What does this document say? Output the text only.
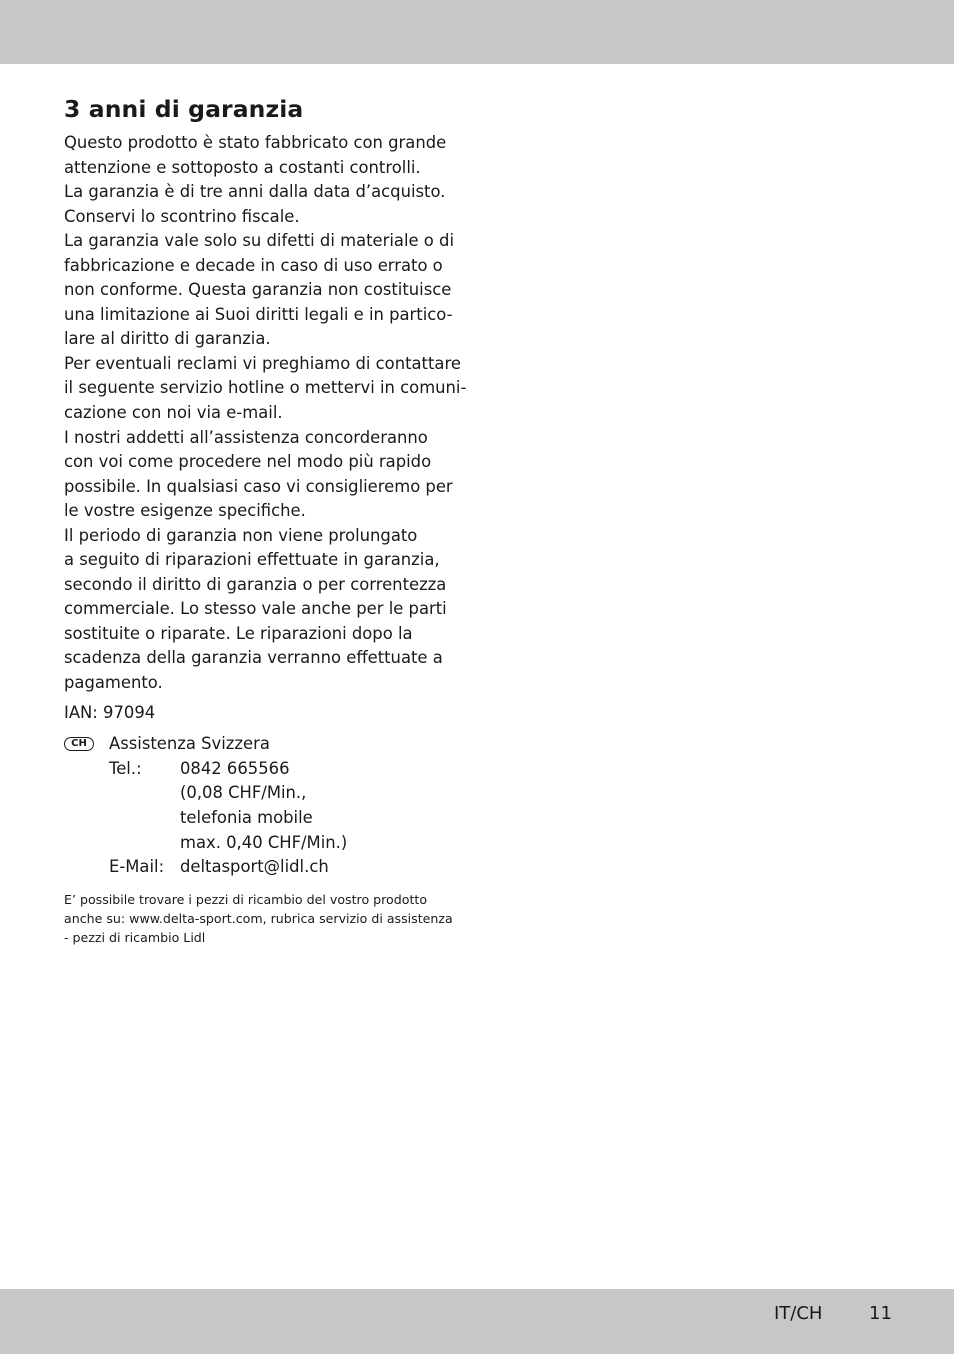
3 anni di garanzia
Questo prodotto è stato fabbricato con grande
attenzione e sottoposto a costanti controlli.
La garanzia è di tre anni dalla data d’acquisto.
Conservi lo scontrino fiscale.
La garanzia vale solo su difetti di materiale o di
fabbricazione e decade in caso di uso errato o
non conforme. Questa garanzia non costituisce
una limitazione ai Suoi diritti legali e in partico-
lare al diritto di garanzia.
Per eventuali reclami vi preghiamo di contattare
il seguente servizio hotline o mettervi in comuni-
cazione con noi via e-mail.
I nostri addetti all’assistenza concorderanno
con voi come procedere nel modo più rapido
possibile. In qualsiasi caso vi consiglieremo per
le vostre esigenze specifiche.
Il periodo di garanzia non viene prolungato
a seguito di riparazioni effettuate in garanzia,
secondo il diritto di garanzia o per correntezza
commerciale. Lo stesso vale anche per le parti
sostituite o riparate. Le riparazioni dopo la
scadenza della garanzia verranno effettuate a
pagamento.
IAN: 97094
CH	Assistenza Svizzera
Tel.: 0842 665566
(0,08 CHF/Min.,
telefonia mobile
max. 0,40 CHF/Min.)
E-Mail: deltasport@lidl.ch
E’ possibile trovare i pezzi di ricambio del vostro prodotto
anche su: www.delta-sport.com, rubrica servizio di assistenza
- pezzi di ricambio Lidl
IT/CH	11
